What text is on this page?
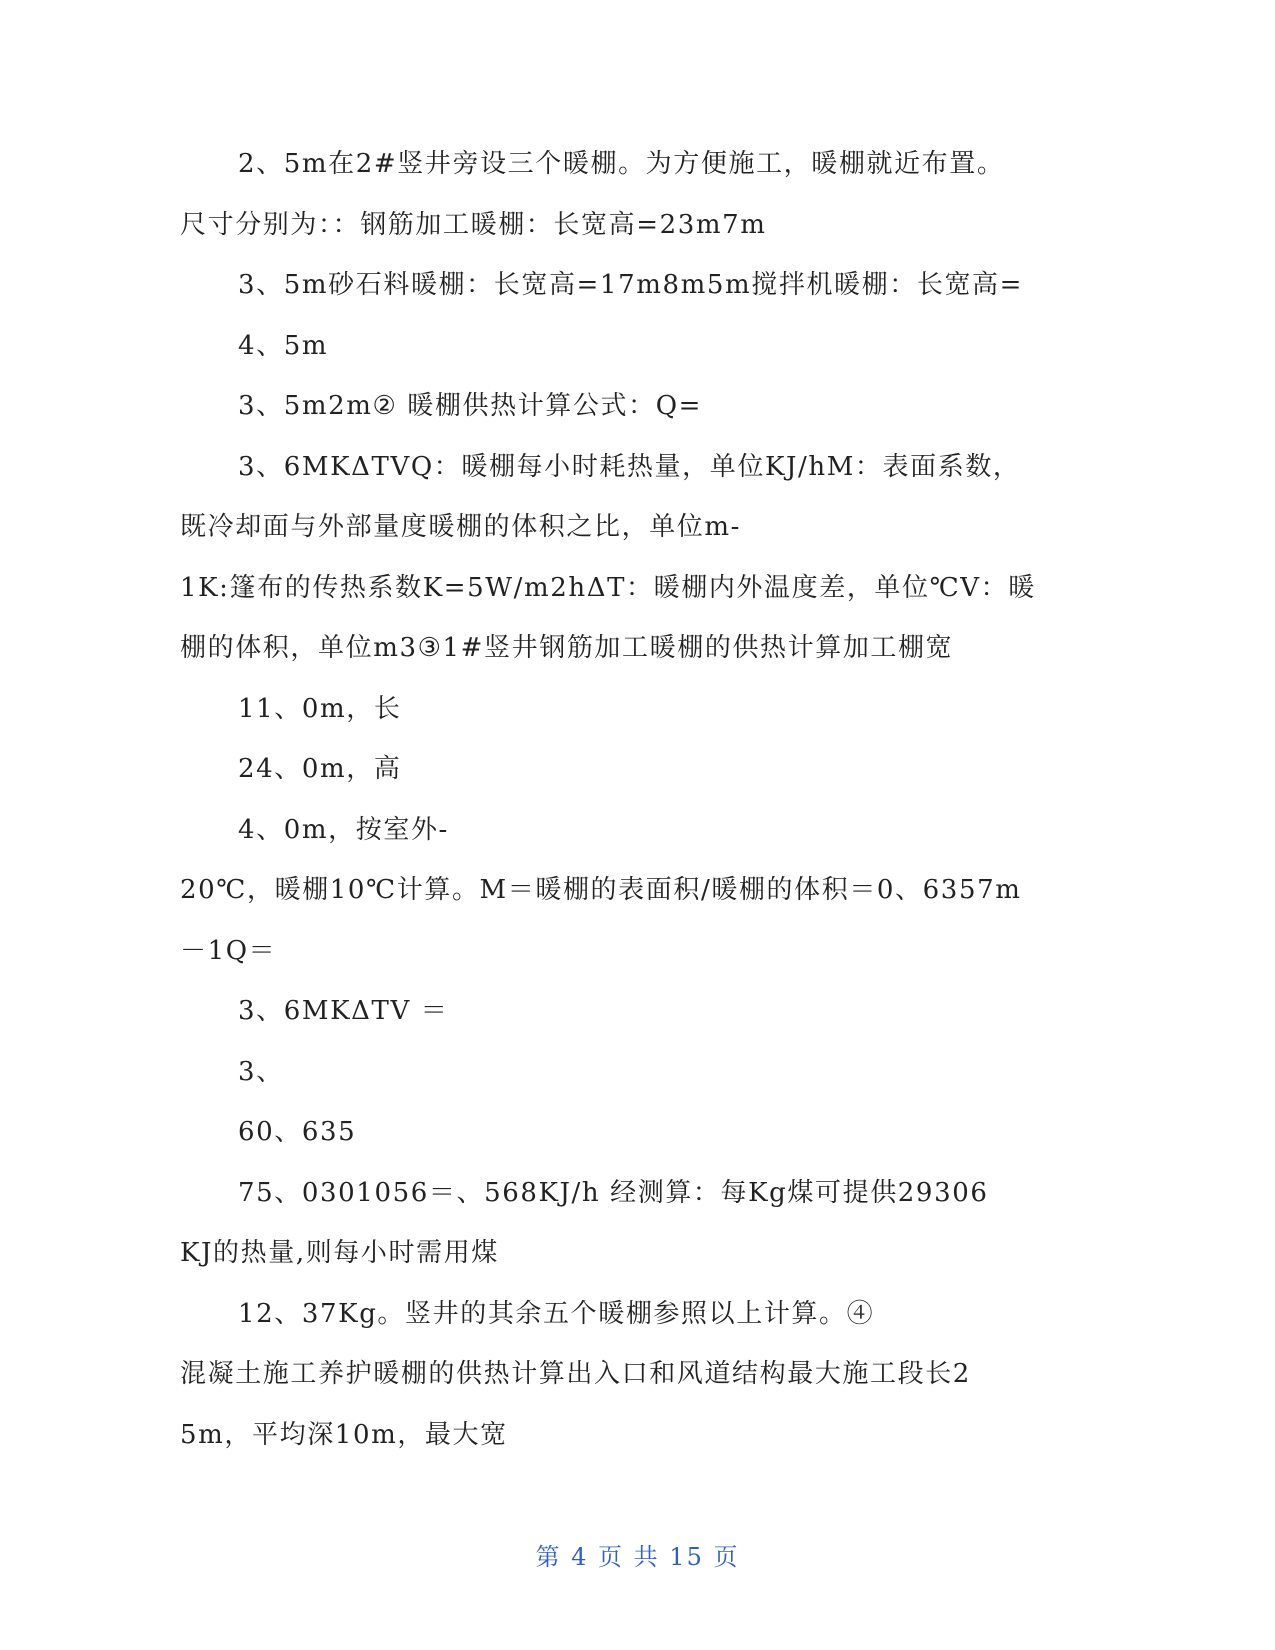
2、5m在2#竖井旁设三个暖棚。为方便施工，暖棚就近布置。
尺寸分别为：：钢筋加工暖棚：长宽高=23m7m
3、5m砂石料暖棚：长宽高=17m8m5m搅拌机暖棚：长宽高=
4、5m
3、5m2m② 暖棚供热计算公式：Q=
3、6MKΔTVQ：暖棚每小时耗热量，单位KJ/hM：表面系数，
既冷却面与外部量度暖棚的体积之比，单位m-
1K:篷布的传热系数K=5W/m2hΔT：暖棚内外温度差，单位℃V：暖
棚的体积，单位m3③1#竖井钢筋加工暖棚的供热计算加工棚宽
11、0m，长
24、0m，高
4、0m，按室外-
20℃，暖棚10℃计算。M＝暖棚的表面积/暖棚的体积＝0、6357m
－1Q＝
3、6MKΔTV ＝
3、
60、635
75、0301056＝、568KJ/h 经测算：每Kg煤可提供29306
KJ的热量,则每小时需用煤
12、37Kg。竖井的其余五个暖棚参照以上计算。④
混凝土施工养护暖棚的供热计算出入口和风道结构最大施工段长2
5m，平均深10m，最大宽
第 4 页 共 15 页
